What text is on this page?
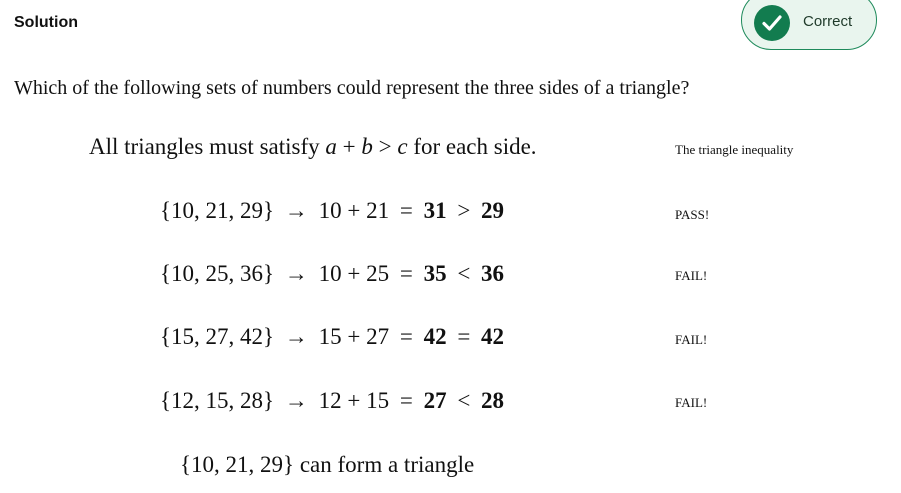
Solution	Correct
Which of the following sets of numbers could represent the three sides of a triangle?
All triangles must satisfy a + b > c for each side.	The triangle inequality
{10, 21, 29} → 10 + 21 = 31 > 29	PASS!
{10, 25, 36} → 10 + 25 = 35 < 36	FAIL!
{15, 27, 42} → 15 + 27 = 42 = 42	FAIL!
{12, 15, 28} → 12 + 15 = 27 < 28	FAIL!
{10, 21, 29} can form a triangle
